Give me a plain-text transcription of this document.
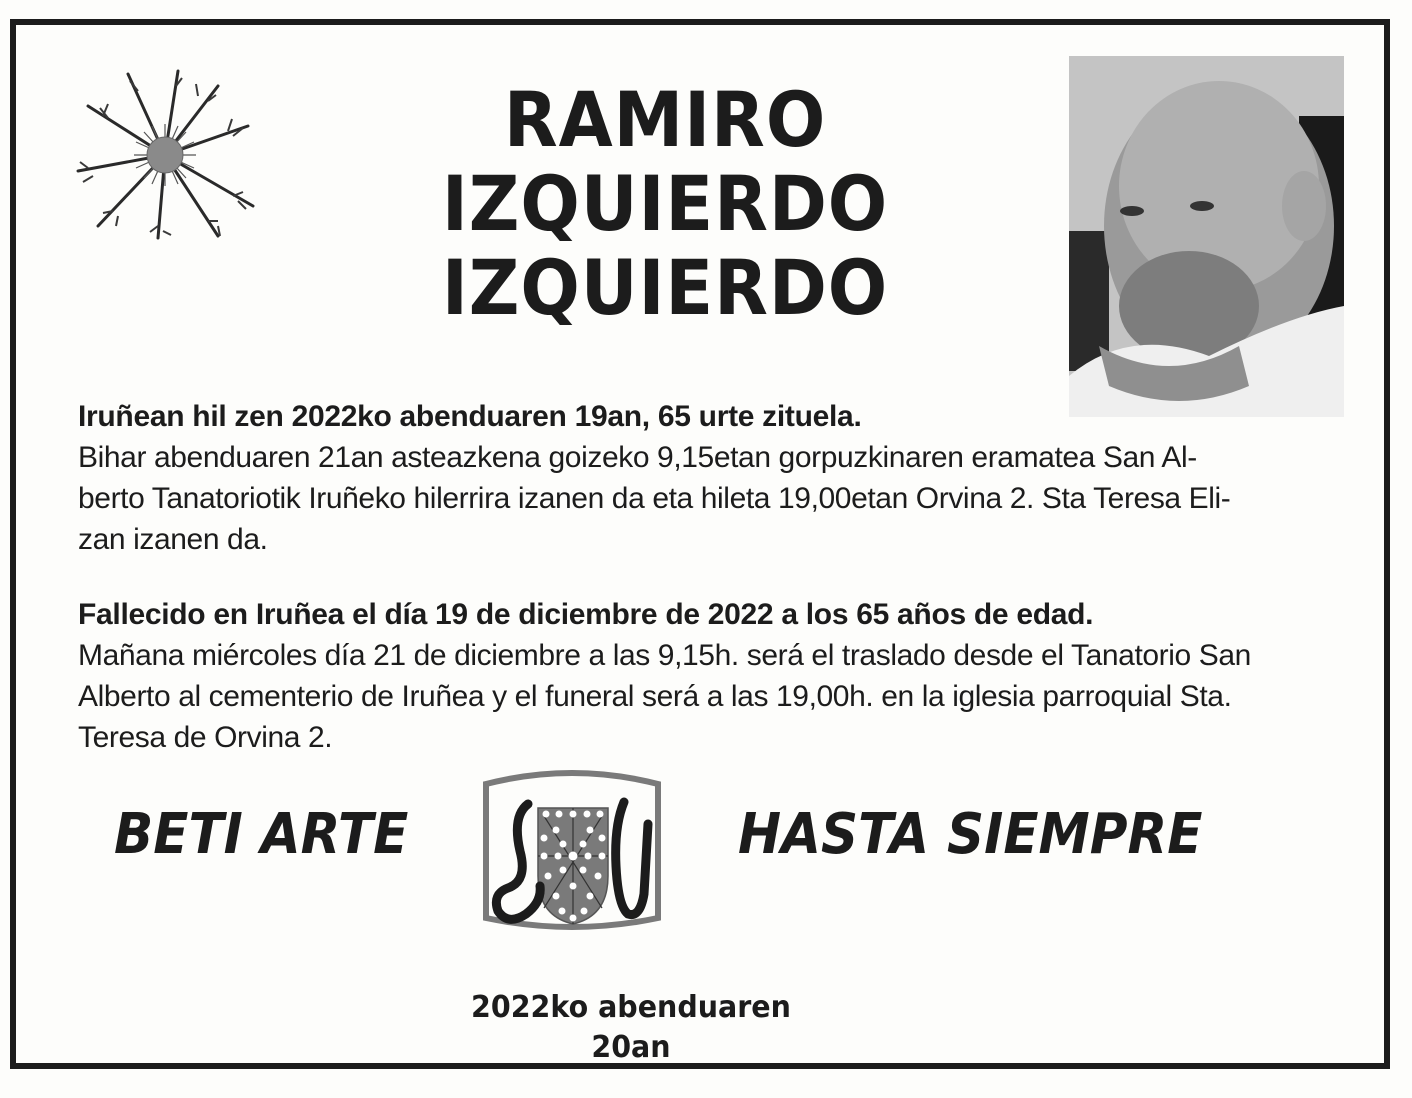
RAMIRO
IZQUIERDO
IZQUIERDO
Iruñean hil zen 2022ko abenduaren 19an, 65 urte zituela.
Bihar abenduaren 21an asteazkena goizeko 9,15etan gorpuzkinaren eramatea San Al-
berto Tanatoriotik Iruñeko hilerrira izanen da eta hileta 19,00etan Orvina 2. Sta Teresa Eli-
zan izanen da.
Fallecido en Iruñea el día 19 de diciembre de 2022 a los 65 años de edad.
Mañana miércoles día 21 de diciembre a las 9,15h. será el traslado desde el Tanatorio San
Alberto al cementerio de Iruñea y el funeral será a las 19,00h. en la iglesia parroquial Sta.
Teresa de Orvina 2.
BETI ARTE	HASTA SIEMPRE
2022ko abenduaren 20an
